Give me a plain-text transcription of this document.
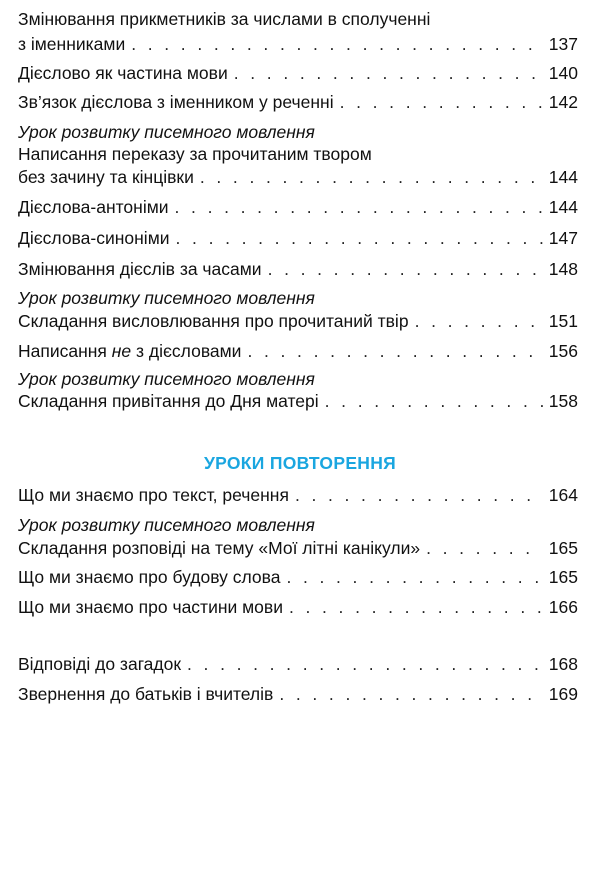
Змінювання прикметників за числами в сполученні
з іменниками . . .	137
Дієслово як частина мови . . .	140
Зв’язок дієслова з іменником у реченні . . .	142
Урок розвитку писемного мовлення
Написання переказу за прочитаним твором
без зачину та кінцівки . . .	144
Дієслова-антоніми . . .	144
Дієслова-синоніми . . .	147
Змінювання дієслів за часами . . .	148
Урок розвитку писемного мовлення
Складання висловлювання про прочитаний твір . . .	151
Написання не з дієсловами . . .	156
Урок розвитку писемного мовлення
Складання привітання до Дня матері . . .	158
УРОКИ ПОВТОРЕННЯ
Що ми знаємо про текст, речення . . .	164
Урок розвитку писемного мовлення
Складання розповіді на тему «Мої літні канікули» . . .	165
Що ми знаємо про будову слова . . .	165
Що ми знаємо про частини мови . . .	166
Відповіді до загадок . . .	168
Звернення до батьків і вчителів . . .	169
